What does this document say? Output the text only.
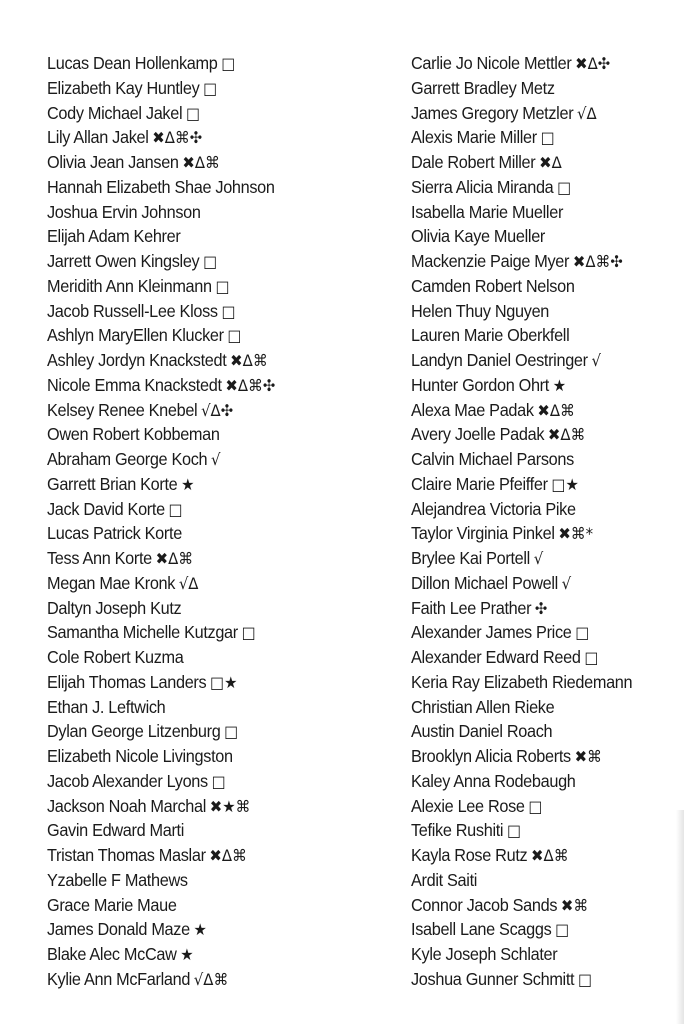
Lucas Dean Hollenkamp □
Elizabeth Kay Huntley □
Cody Michael Jakel □
Lily Allan Jakel ✖Δ⌘✣
Olivia Jean Jansen ✖Δ⌘
Hannah Elizabeth Shae Johnson
Joshua Ervin Johnson
Elijah Adam Kehrer
Jarrett Owen Kingsley □
Meridith Ann Kleinmann □
Jacob Russell-Lee Kloss □
Ashlyn MaryEllen Klucker □
Ashley Jordyn Knackstedt ✖Δ⌘
Nicole Emma Knackstedt ✖Δ⌘✣
Kelsey Renee Knebel √Δ✣
Owen Robert Kobbeman
Abraham George Koch √
Garrett Brian Korte ★
Jack David Korte □
Lucas Patrick Korte
Tess Ann Korte ✖Δ⌘
Megan Mae Kronk √Δ
Daltyn Joseph Kutz
Samantha Michelle Kutzgar □
Cole Robert Kuzma
Elijah Thomas Landers □★
Ethan J. Leftwich
Dylan George Litzenburg □
Elizabeth Nicole Livingston
Jacob Alexander Lyons □
Jackson Noah Marchal ✖★⌘
Gavin Edward Marti
Tristan Thomas Maslar ✖Δ⌘
Yzabelle F Mathews
Grace Marie Maue
James Donald Maze ★
Blake Alec McCaw ★
Kylie Ann McFarland √Δ⌘
Carlie Jo Nicole Mettler ✖Δ✣
Garrett Bradley Metz
James Gregory Metzler √Δ
Alexis Marie Miller □
Dale Robert Miller ✖Δ
Sierra Alicia Miranda □
Isabella Marie Mueller
Olivia Kaye Mueller
Mackenzie Paige Myer ✖Δ⌘✣
Camden Robert Nelson
Helen Thuy Nguyen
Lauren Marie Oberkfell
Landyn Daniel Oestringer √
Hunter Gordon Ohrt ★
Alexa Mae Padak ✖Δ⌘
Avery Joelle Padak ✖Δ⌘
Calvin Michael Parsons
Claire Marie Pfeiffer □★
Alejandrea Victoria Pike
Taylor Virginia Pinkel ✖⌘*
Brylee Kai Portell √
Dillon Michael Powell √
Faith Lee Prather ✣
Alexander James Price □
Alexander Edward Reed □
Keria Ray Elizabeth Riedemann
Christian Allen Rieke
Austin Daniel Roach
Brooklyn Alicia Roberts ✖⌘
Kaley Anna Rodebaugh
Alexie Lee Rose □
Tefike Rushiti □
Kayla Rose Rutz ✖Δ⌘
Ardit Saiti
Connor Jacob Sands ✖⌘
Isabell Lane Scaggs □
Kyle Joseph Schlater
Joshua Gunner Schmitt □
